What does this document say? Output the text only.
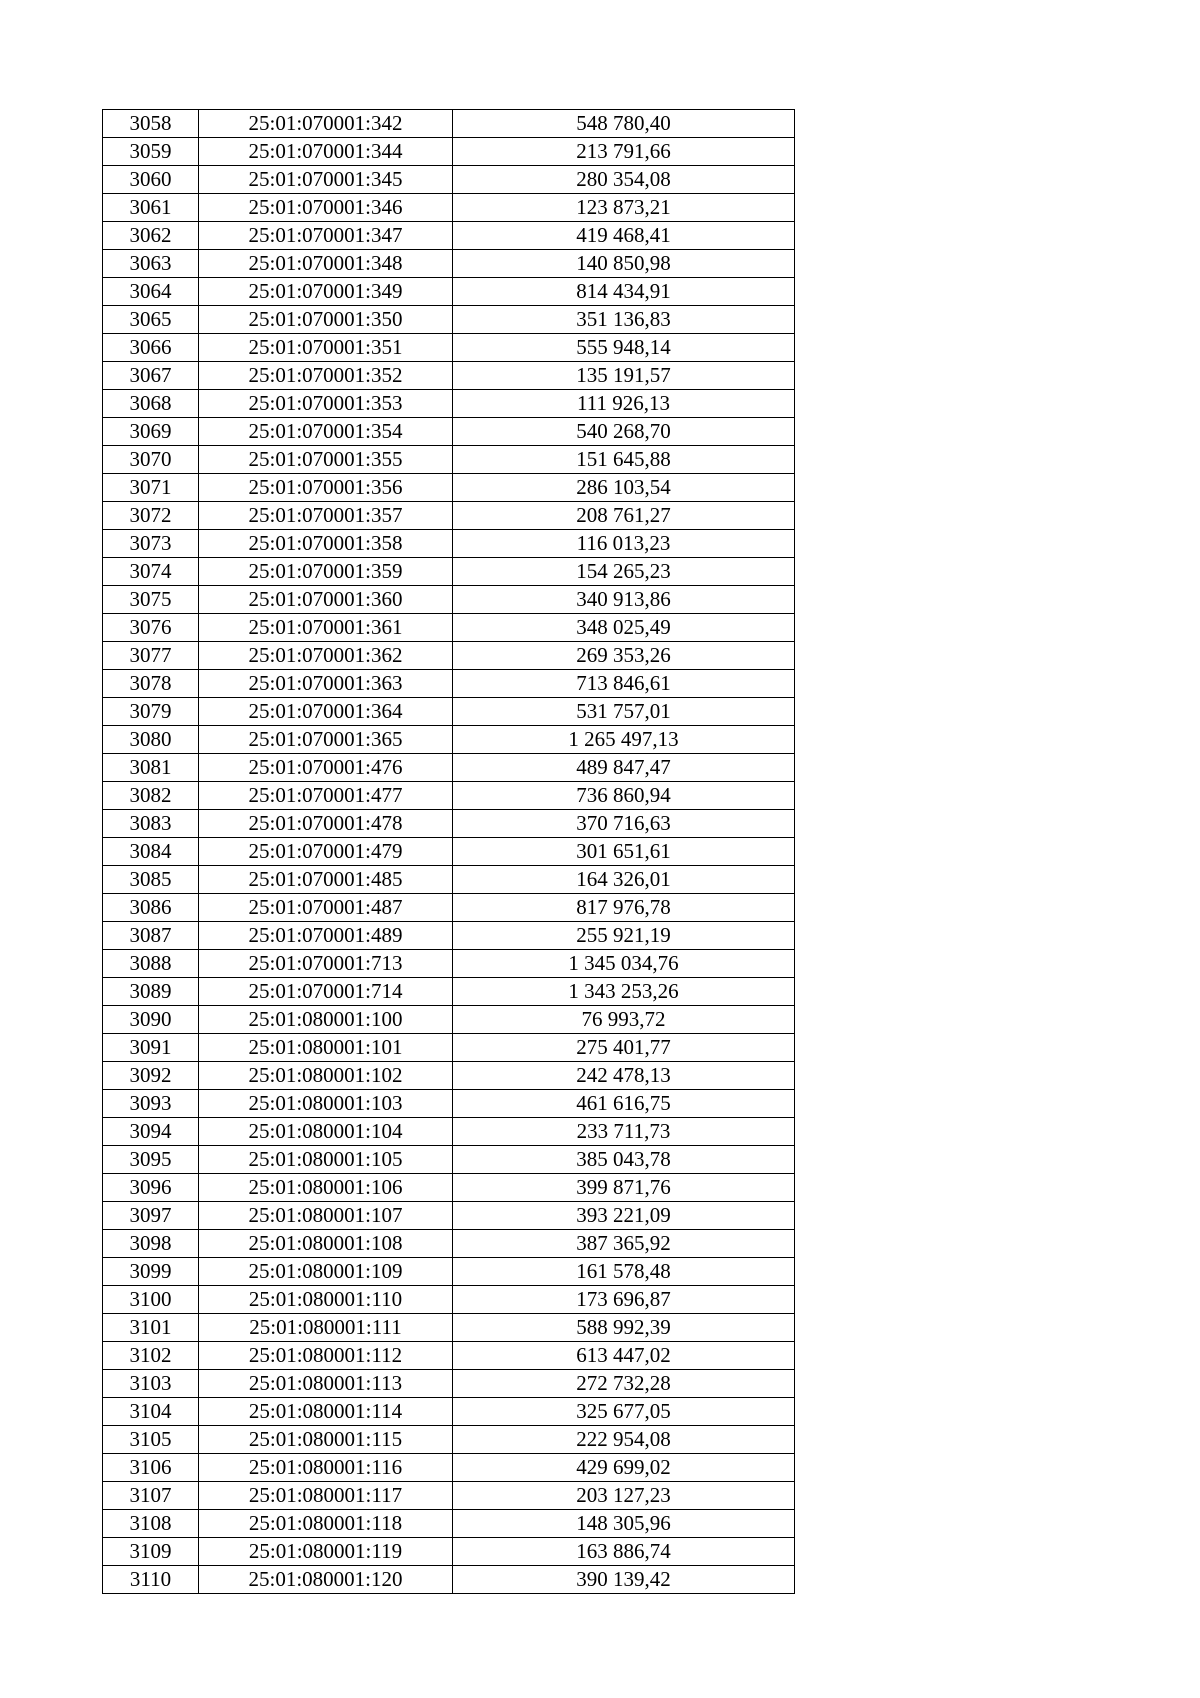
3058	25:01:070001:342	548 780,40
3059	25:01:070001:344	213 791,66
3060	25:01:070001:345	280 354,08
3061	25:01:070001:346	123 873,21
3062	25:01:070001:347	419 468,41
3063	25:01:070001:348	140 850,98
3064	25:01:070001:349	814 434,91
3065	25:01:070001:350	351 136,83
3066	25:01:070001:351	555 948,14
3067	25:01:070001:352	135 191,57
3068	25:01:070001:353	111 926,13
3069	25:01:070001:354	540 268,70
3070	25:01:070001:355	151 645,88
3071	25:01:070001:356	286 103,54
3072	25:01:070001:357	208 761,27
3073	25:01:070001:358	116 013,23
3074	25:01:070001:359	154 265,23
3075	25:01:070001:360	340 913,86
3076	25:01:070001:361	348 025,49
3077	25:01:070001:362	269 353,26
3078	25:01:070001:363	713 846,61
3079	25:01:070001:364	531 757,01
3080	25:01:070001:365	1 265 497,13
3081	25:01:070001:476	489 847,47
3082	25:01:070001:477	736 860,94
3083	25:01:070001:478	370 716,63
3084	25:01:070001:479	301 651,61
3085	25:01:070001:485	164 326,01
3086	25:01:070001:487	817 976,78
3087	25:01:070001:489	255 921,19
3088	25:01:070001:713	1 345 034,76
3089	25:01:070001:714	1 343 253,26
3090	25:01:080001:100	76 993,72
3091	25:01:080001:101	275 401,77
3092	25:01:080001:102	242 478,13
3093	25:01:080001:103	461 616,75
3094	25:01:080001:104	233 711,73
3095	25:01:080001:105	385 043,78
3096	25:01:080001:106	399 871,76
3097	25:01:080001:107	393 221,09
3098	25:01:080001:108	387 365,92
3099	25:01:080001:109	161 578,48
3100	25:01:080001:110	173 696,87
3101	25:01:080001:111	588 992,39
3102	25:01:080001:112	613 447,02
3103	25:01:080001:113	272 732,28
3104	25:01:080001:114	325 677,05
3105	25:01:080001:115	222 954,08
3106	25:01:080001:116	429 699,02
3107	25:01:080001:117	203 127,23
3108	25:01:080001:118	148 305,96
3109	25:01:080001:119	163 886,74
3110	25:01:080001:120	390 139,42
